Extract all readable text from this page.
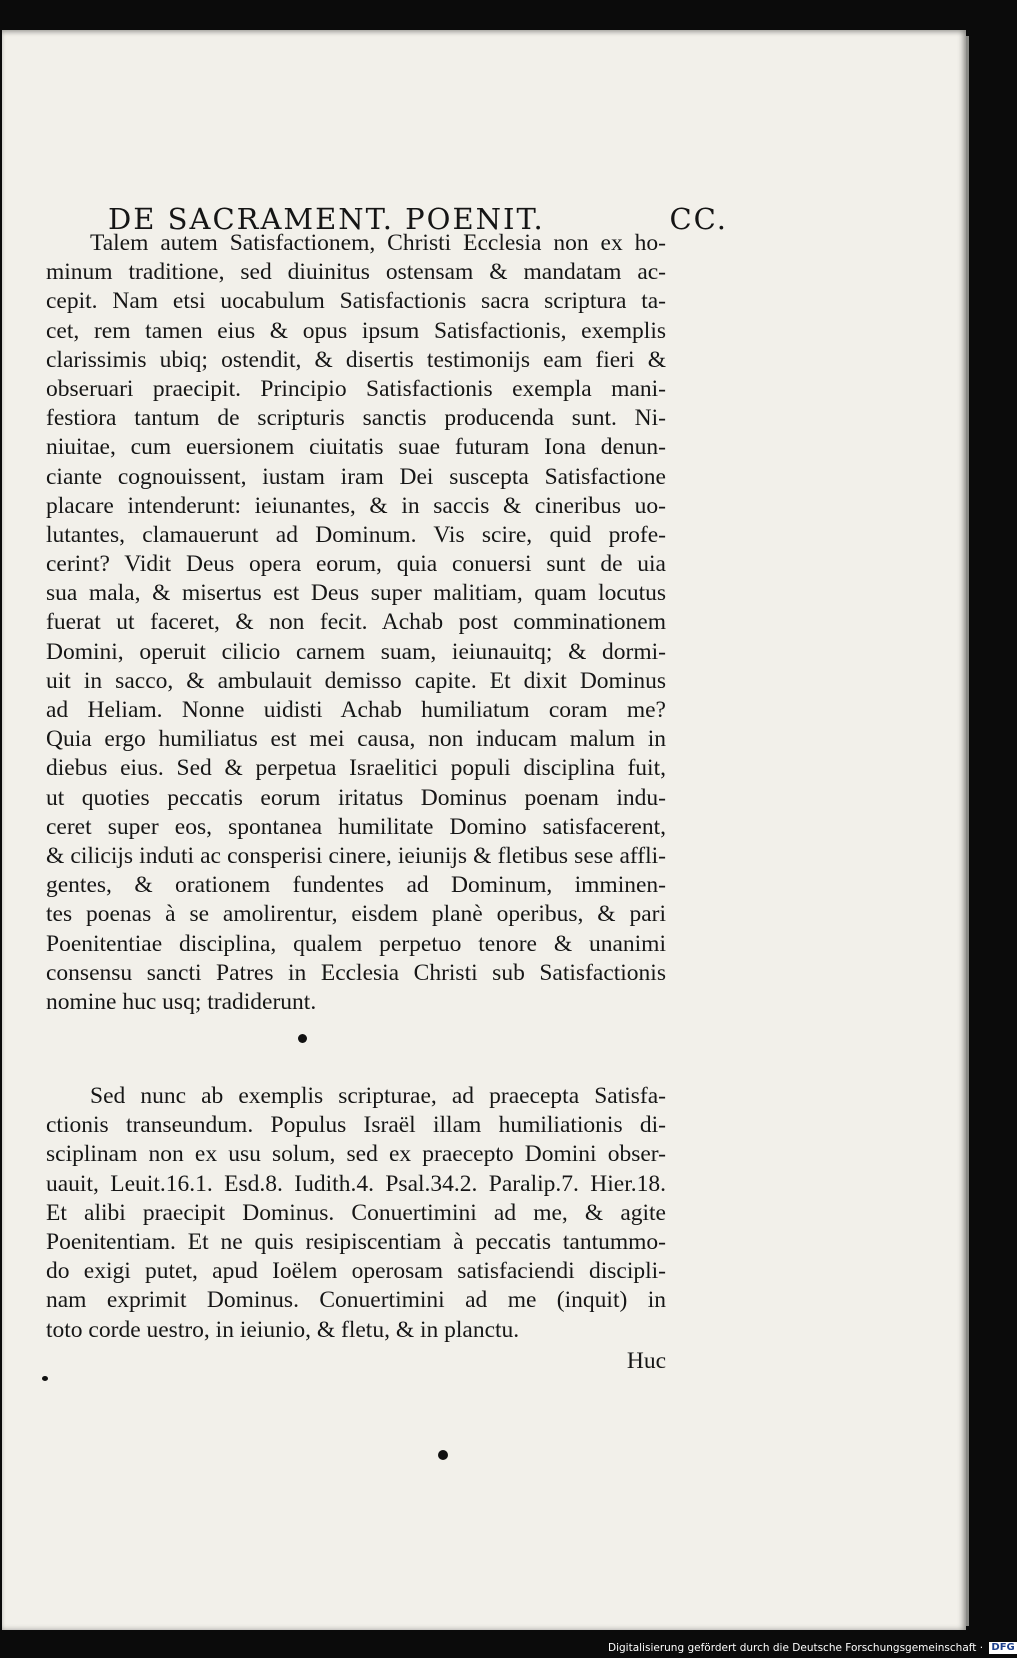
DE SACRAMENT. POENIT.	CC.

Talem autem Satisfactionem, Christi Ecclesia non ex ho-
minum traditione, sed diuinitus ostensam & mandatam ac-
cepit. Nam etsi uocabulum Satisfactionis sacra scriptura ta-
cet, rem tamen eius & opus ipsum Satisfactionis, exemplis
clarissimis ubiq; ostendit, & disertis testimonijs eam fieri &
obseruari praecipit. Principio Satisfactionis exempla mani-
festiora tantum de scripturis sanctis producenda sunt. Ni-
niuitae, cum euersionem ciuitatis suae futuram Iona denun-
ciante cognouissent, iustam iram Dei suscepta Satisfactione
placare intenderunt: ieiunantes, & in saccis & cineribus uo-
lutantes, clamauerunt ad Dominum. Vis scire, quid profe-
cerint? Vidit Deus opera eorum, quia conuersi sunt de uia
sua mala, & misertus est Deus super malitiam, quam locutus
fuerat ut faceret, & non fecit. Achab post comminationem
Domini, operuit cilicio carnem suam, ieiunauitq; & dormi-
uit in sacco, & ambulauit demisso capite. Et dixit Dominus
ad Heliam. Nonne uidisti Achab humiliatum coram me?
Quia ergo humiliatus est mei causa, non inducam malum in
diebus eius. Sed & perpetua Israelitici populi disciplina fuit,
ut quoties peccatis eorum iritatus Dominus poenam indu-
ceret super eos, spontanea humilitate Domino satisfacerent,
& cilicijs induti ac consperisi cinere, ieiunijs & fletibus sese affli-
gentes, & orationem fundentes ad Dominum, imminen-
tes poenas à se amolirentur, eisdem planè operibus, & pari
Poenitentiae disciplina, qualem perpetuo tenore & unanimi
consensu sancti Patres in Ecclesia Christi sub Satisfactionis
nomine huc usq; tradiderunt.

Sed nunc ab exemplis scripturae, ad praecepta Satisfa-
ctionis transeundum. Populus Israël illam humiliationis di-
sciplinam non ex usu solum, sed ex praecepto Domini obser-
uauit, Leuit.16.1. Esd.8. Iudith.4. Psal.34.2. Paralip.7. Hier.18.
Et alibi praecipit Dominus. Conuertimini ad me, & agite
Poenitentiam. Et ne quis resipiscentiam à peccatis tantummo-
do exigi putet, apud Ioëlem operosam satisfaciendi discipli-
nam exprimit Dominus. Conuertimini ad me (inquit) in
toto corde uestro, in ieiunio, & fletu, & in planctu.

Huc
Digitalisierung gefördert durch die Deutsche Forschungsgemeinschaft · DFG
